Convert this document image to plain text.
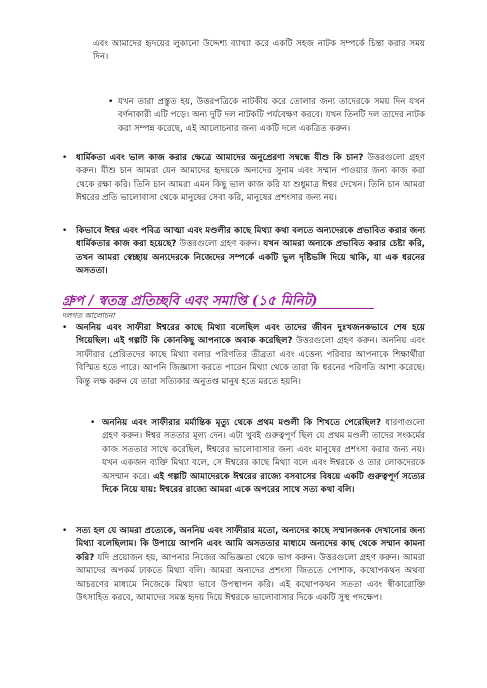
এবং আমাদের হৃদয়ের লুকানো উদ্দেশ্য ব্যাখ্যা করে একটি সহজ নাটক সম্পর্কে চিন্তা করার সময় দিন।
• যখন তারা প্রস্তুত হয়, উত্তরপত্রিকে নাটকীয় করে তোলার জন্য তাদেরকে সময় দিন যখন বর্ণনাকারী এটি পড়ে। অন্য দুটি দল নাটকটি পর্যবেক্ষণ করবে। যখন তিনটি দল তাদের নাটক করা সম্পন্ন করেছে, এই আলোচনার জন্য একটি দলে একত্রিত করুন।
• ধার্মিকতা এবং ভাল কাজ করার ক্ষেত্রে আমাদের অনুপ্রেরণা সম্বন্ধে যীশু কি চান? উত্তরগুলো গ্রহণ করুন। যীশু চান আমরা যেন আমাদের হৃদয়কে অন্যদের সুনাম এবং সম্মান পাওয়ার জন্য কাজ করা থেকে রক্ষা করি। তিনি চান আমরা এমন কিছু ভাল কাজ করি যা শুধুমাত্র ঈশ্বর দেখেন। তিনি চান আমরা ঈশ্বরের প্রতি ভালোবাসা থেকে মানুষের সেবা করি, মানুষের প্রশংসার জন্য নয়।
• কিভাবে ঈশ্বর এবং পবিত্র আত্মা এবং মণ্ডলীর কাছে মিথ্যা কথা বলতে অন্যদেরকে প্রভাবিত করার জন্য ধার্মিকতার কাজ করা হয়েছে? উত্তরগুলো গ্রহণ করুন। যখন আমরা অন্যকে প্রভাবিত করার চেষ্টা করি, তখন আমরা স্বেচ্ছায় অন্যদেরকে নিজেদের সম্পর্কে একটি ভুল দৃষ্টিভঙ্গি দিয়ে থাকি, যা এক ধরনের অসততা।
গ্রুপ / স্বতন্ত্র প্রতিচ্ছবি এবং সমাপ্তি (১৫ মিনিট)
দলগত আলোচনা
• অননিয় এবং সাফীরা ঈশ্বরের কাছে মিথ্যা বলেছিল এবং তাদের জীবন দুঃখজনকভাবে শেষ হয়ে গিয়েছিল। এই গল্পটি কি কোনকিছু আপনাকে অবাক করেছিল? উত্তরগুলো গ্রহণ করুন। অননিয় এবং সাফীরার প্রেরিতদের কাছে মিথ্যা বলার পরিণতির তীব্রতা এবং এত্তেন্য পরিবার আপনাকে শিক্ষার্থীরা বিস্মিত হতে পারে। আপনি জিজ্ঞাসা করতে পারেন মিথ্যা থেকে তারা কি ধরনের পরিণতি আশা করেছে। কিন্তু লক্ষ করুন যে তারা সত্যিকার অনুতপ্ত মানুষ হতে মরতে হয়নি।
• অননিয় এবং সাফীরার মর্মান্তিক মৃত্যু থেকে প্রথম মণ্ডলী কি শিখতে পেরেছিল? ধারণাগুলো গ্রহণ করুন। ঈশ্বর সততার মূল্য দেন। এটা খুবই গুরুত্বপূর্ণ ছিল যে প্রথম মণ্ডলী তাদের সংকর্মের কাজ সততার সাথে করেছিল, ঈশ্বরের ভালোবাসার জন্য এবং মানুষের প্রশংসা করার জন্য নয়। যখন একজন ব্যক্তি মিথ্যা বলে, সে ঈশ্বরের কাছে মিথ্যা বলে এবং ঈশ্বরকে ও তার লোকদেরকে অসম্মান করে। এই গল্পটি আমাদেরকে ঈশ্বরের রাজ্যে বসবাসের বিষয়ে একটি গুরুত্বপূর্ণ সত্যের দিকে নিয়ে যায়: ঈশ্বরের রাজ্যে আমরা একে অপরের সাথে সত্য কথা বলি।
• সত্য হল যে আমরা প্রত্যেকে, অননিয় এবং সাফীরার মতো, অন্যদের কাছে সম্মানজনক দেখানোর জন্য মিথ্যা বলেছিলাম। কি উপায়ে আপনি এবং আমি অসততার মাধ্যমে অন্যদের কাছ থেকে সম্মান কামনা করি? যদি প্রয়োজন হয়, আপনার নিজের অভিজ্ঞতা থেকে ভাগ করুন। উত্তরগুলো গ্রহণ করুন। আমরা আমাদের অপকর্ম ঢাকতে মিথ্যা বলি। আমরা অন্যদের প্রশংসা জিততে পোশাক, কথোপকথন অথবা আচরণের মাধ্যমে নিজেকে মিথ্যা ভাবে উপস্থাপন করি। এই কথোপকথন সততা এবং স্বীকারোক্তি উৎসাহিত করবে, আমাদের সমস্ত হৃদয় দিয়ে ঈশ্বরকে ভালোবাসার দিকে একটি সুস্থ পদক্ষেপ।
